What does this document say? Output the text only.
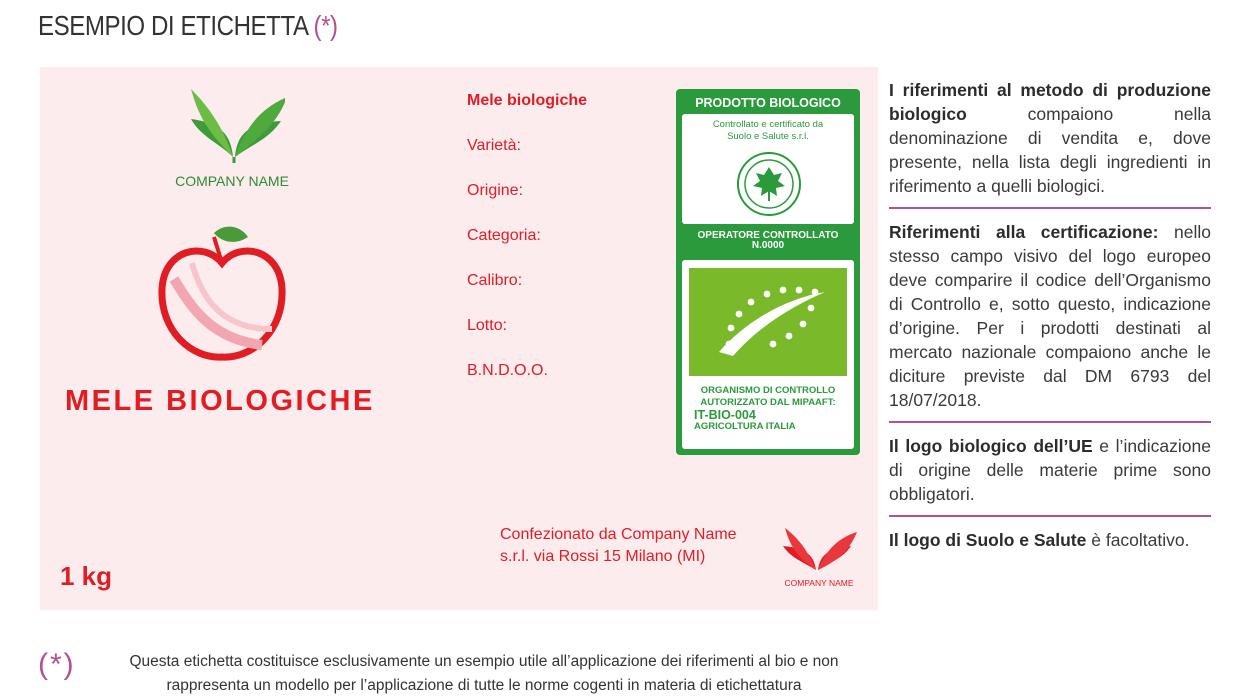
ESEMPIO DI ETICHETTA (*)
COMPANY NAME
MELE BIOLOGICHE
1 kg
Mele biologiche
Varietà:
Origine:
Categoria:
Calibro:
Lotto:
B.N.D.O.O.
PRODOTTO BIOLOGICO
Controllato e certificato da
Suolo e Salute s.r.l.
OPERATORE CONTROLLATO
N.0000
ORGANISMO DI CONTROLLO
AUTORIZZATO DAL MIPAAFT:
IT-BIO-004
AGRICOLTURA ITALIA
Confezionato da Company Name s.r.l. via Rossi 15 Milano (MI)
COMPANY NAME

I riferimenti al metodo di produzione biologico compaiono nella denominazione di vendita e, dove presente, nella lista degli ingredienti in riferimento a quelli biologici.

Riferimenti alla certificazione: nello stesso campo visivo del logo europeo deve comparire il codice dell’Organismo di Controllo e, sotto questo, indicazione d’origine. Per i prodotti destinati al mercato nazionale compaiono anche le diciture previste dal DM 6793 del 18/07/2018.

Il logo biologico dell’UE e l’indicazione di origine delle materie prime sono obbligatori.

Il logo di Suolo e Salute è facoltativo.

(*)	Questa etichetta costituisce esclusivamente un esempio utile all’applicazione dei riferimenti al bio e non
rappresenta un modello per l’applicazione di tutte le norme cogenti in materia di etichettatura
